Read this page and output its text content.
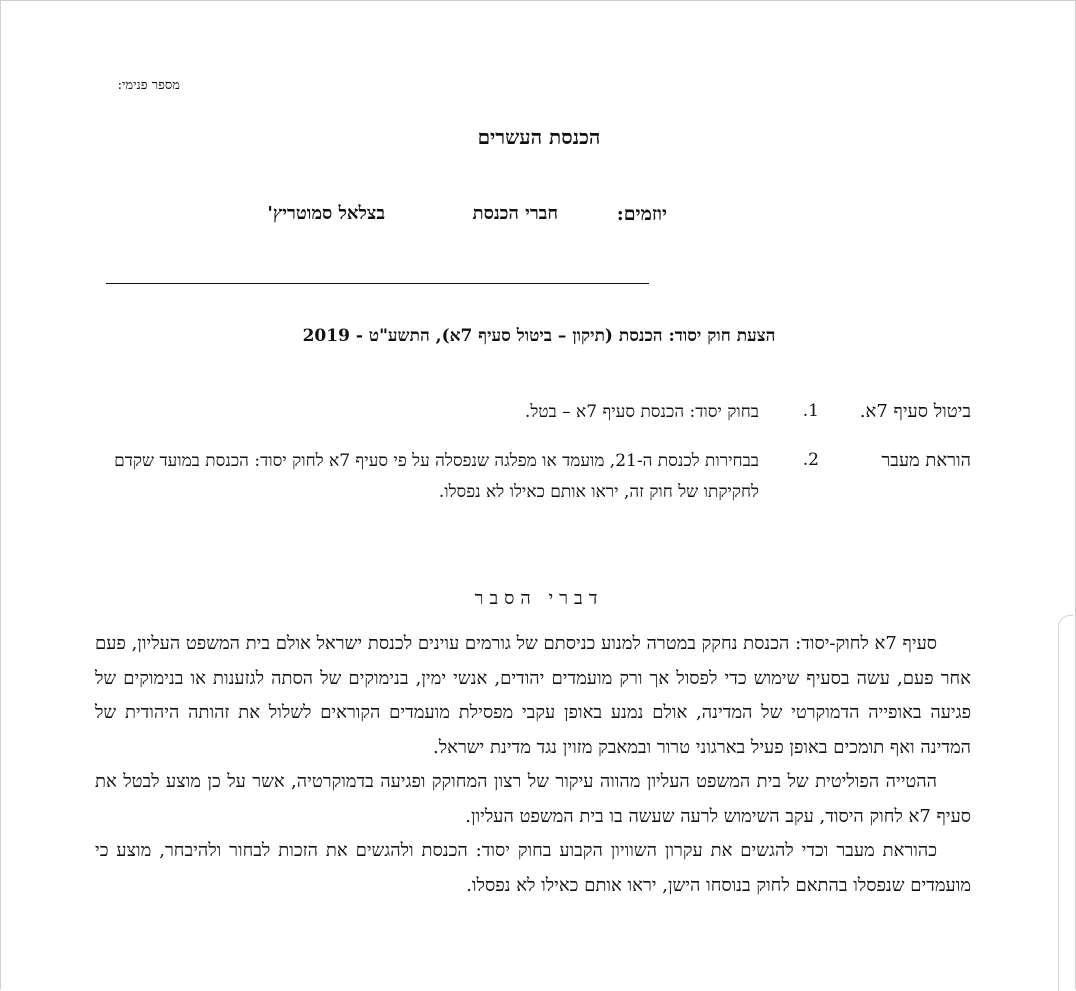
מספר פנימי:
הכנסת העשרים
יוזמים:
חברי הכנסת
בצלאל סמוטריץ'
הצעת חוק יסוד: הכנסת (תיקון – ביטול סעיף 7א), התשע"ט - 2019
ביטול סעיף 7א.
1.
בחוק יסוד: הכנסת סעיף 7א – בטל.
הוראת מעבר
2.
בבחירות לכנסת ה-21, מועמד או מפלגה שנפסלה על פי סעיף 7א לחוק יסוד: הכנסת במועד שקדם לחקיקתו של חוק זה, יראו אותם כאילו לא נפסלו.
דברי הסבר

סעיף 7א לחוק-יסוד: הכנסת נחקק במטרה למנוע כניסתם של גורמים עוינים לכנסת ישראל אולם בית המשפט העליון, פעם אחר פעם, עשה בסעיף שימוש כדי לפסול אך ורק מועמדים יהודים, אנשי ימין, בנימוקים של הסתה לגזענות או בנימוקים של פגיעה באופייה הדמוקרטי של המדינה, אולם נמנע באופן עקבי מפסילת מועמדים הקוראים לשלול את זהותה היהודית של המדינה ואף תומכים באופן פעיל בארגוני טרור ובמאבק מזוין נגד מדינת ישראל.

ההטייה הפוליטית של בית המשפט העליון מהווה עיקור של רצון המחוקק ופגיעה בדמוקרטיה, אשר על כן מוצע לבטל את סעיף 7א לחוק היסוד, עקב השימוש לרעה שעשה בו בית המשפט העליון.

כהוראת מעבר וכדי להגשים את עקרון השוויון הקבוע בחוק יסוד: הכנסת ולהגשים את הזכות לבחור ולהיבחר, מוצע כי מועמדים שנפסלו בהתאם לחוק בנוסחו הישן, יראו אותם כאילו לא נפסלו.
